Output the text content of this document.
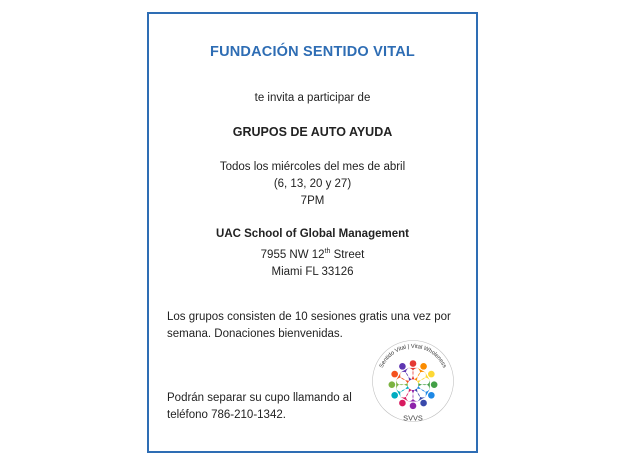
FUNDACIÓN SENTIDO VITAL
te invita a participar de
GRUPOS DE AUTO AYUDA
Todos los miércoles del mes de abril
(6, 13, 20 y 27)
7PM
UAC School of Global Management
7955 NW 12th Street
Miami FL 33126
Los grupos consisten de 10 sesiones gratis una vez por
semana. Donaciones bienvenidas.
Podrán separar su cupo llamando al
teléfono 786-210-1342.
Sentido Vital | Vital Wholeness
SVVS
